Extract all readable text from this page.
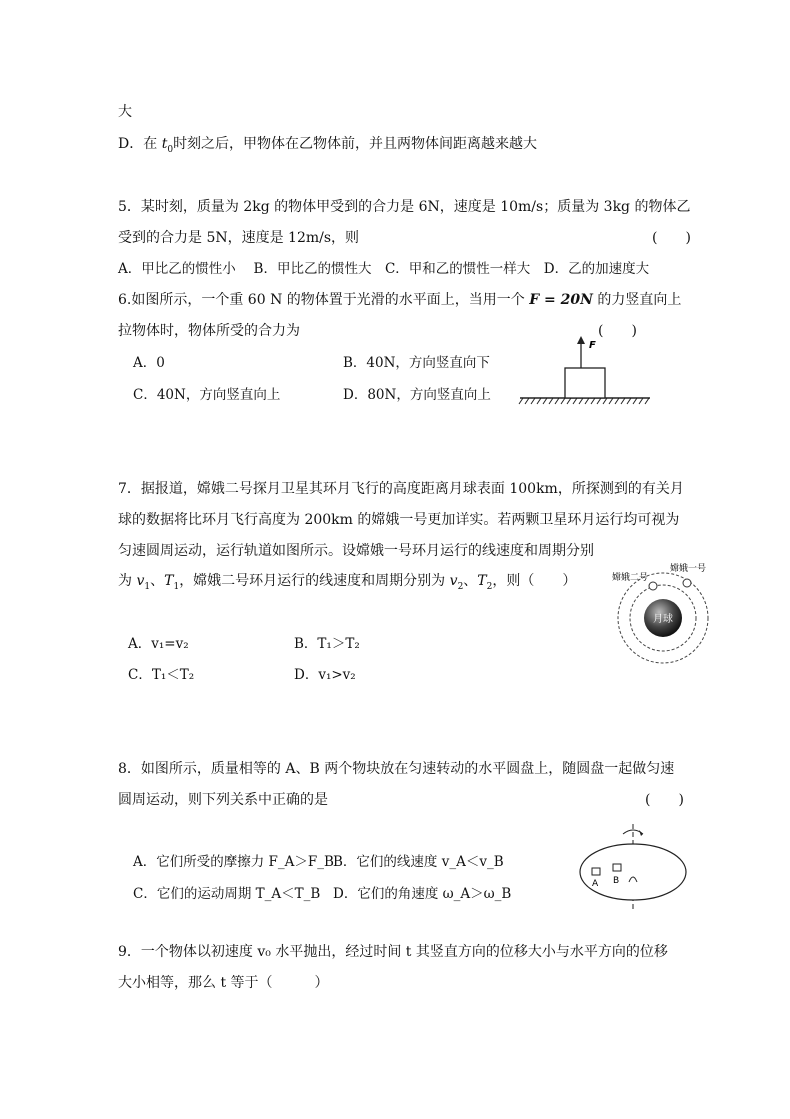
大
D．在 $t_0$时刻之后，甲物体在乙物体前，并且两物体间距离越来越大
5．某时刻，质量为 2kg 的物体甲受到的合力是 6N，速度是 10m/s；质量为 3kg 的物体乙
受到的合力是 5N，速度是 12m/s，则	(　　)
A．甲比乙的惯性小　 B．甲比乙的惯性大　C．甲和乙的惯性一样大　D．乙的加速度大
6.如图所示，一个重 60 N 的物体置于光滑的水平面上，当用一个 F = 20N 的力竖直向上
拉物体时，物体所受的合力为	(　　)
A．0	B．40N，方向竖直向下
C．40N，方向竖直向上	D．80N，方向竖直向上
F
7．据报道，嫦娥二号探月卫星其环月飞行的高度距离月球表面 100km，所探测到的有关月
球的数据将比环月飞行高度为 200km 的嫦娥一号更加详实。若两颗卫星环月运行均可视为
匀速圆周运动，运行轨道如图所示。设嫦娥一号环月运行的线速度和周期分别
为 $v_1$、$T_1$，嫦娥二号环月运行的线速度和周期分别为 $v_2$、$T_2$，则（　　）
A．v₁=v₂	B．T₁＞T₂
C．T₁＜T₂	D．v₁>v₂
嫦娥二号
嫦娥一号
月球
8．如图所示，质量相等的 A、B 两个物块放在匀速转动的水平圆盘上，随圆盘一起做匀速
圆周运动，则下列关系中正确的是	(　　)
A．它们所受的摩擦力 F_A＞F_B B．它们的线速度 v_A＜v_B
C．它们的运动周期 T_A＜T_B D．它们的角速度 ω_A＞ω_B
A B
9．一个物体以初速度 v₀ 水平抛出，经过时间 t 其竖直方向的位移大小与水平方向的位移
大小相等，那么 t 等于（　　　）
